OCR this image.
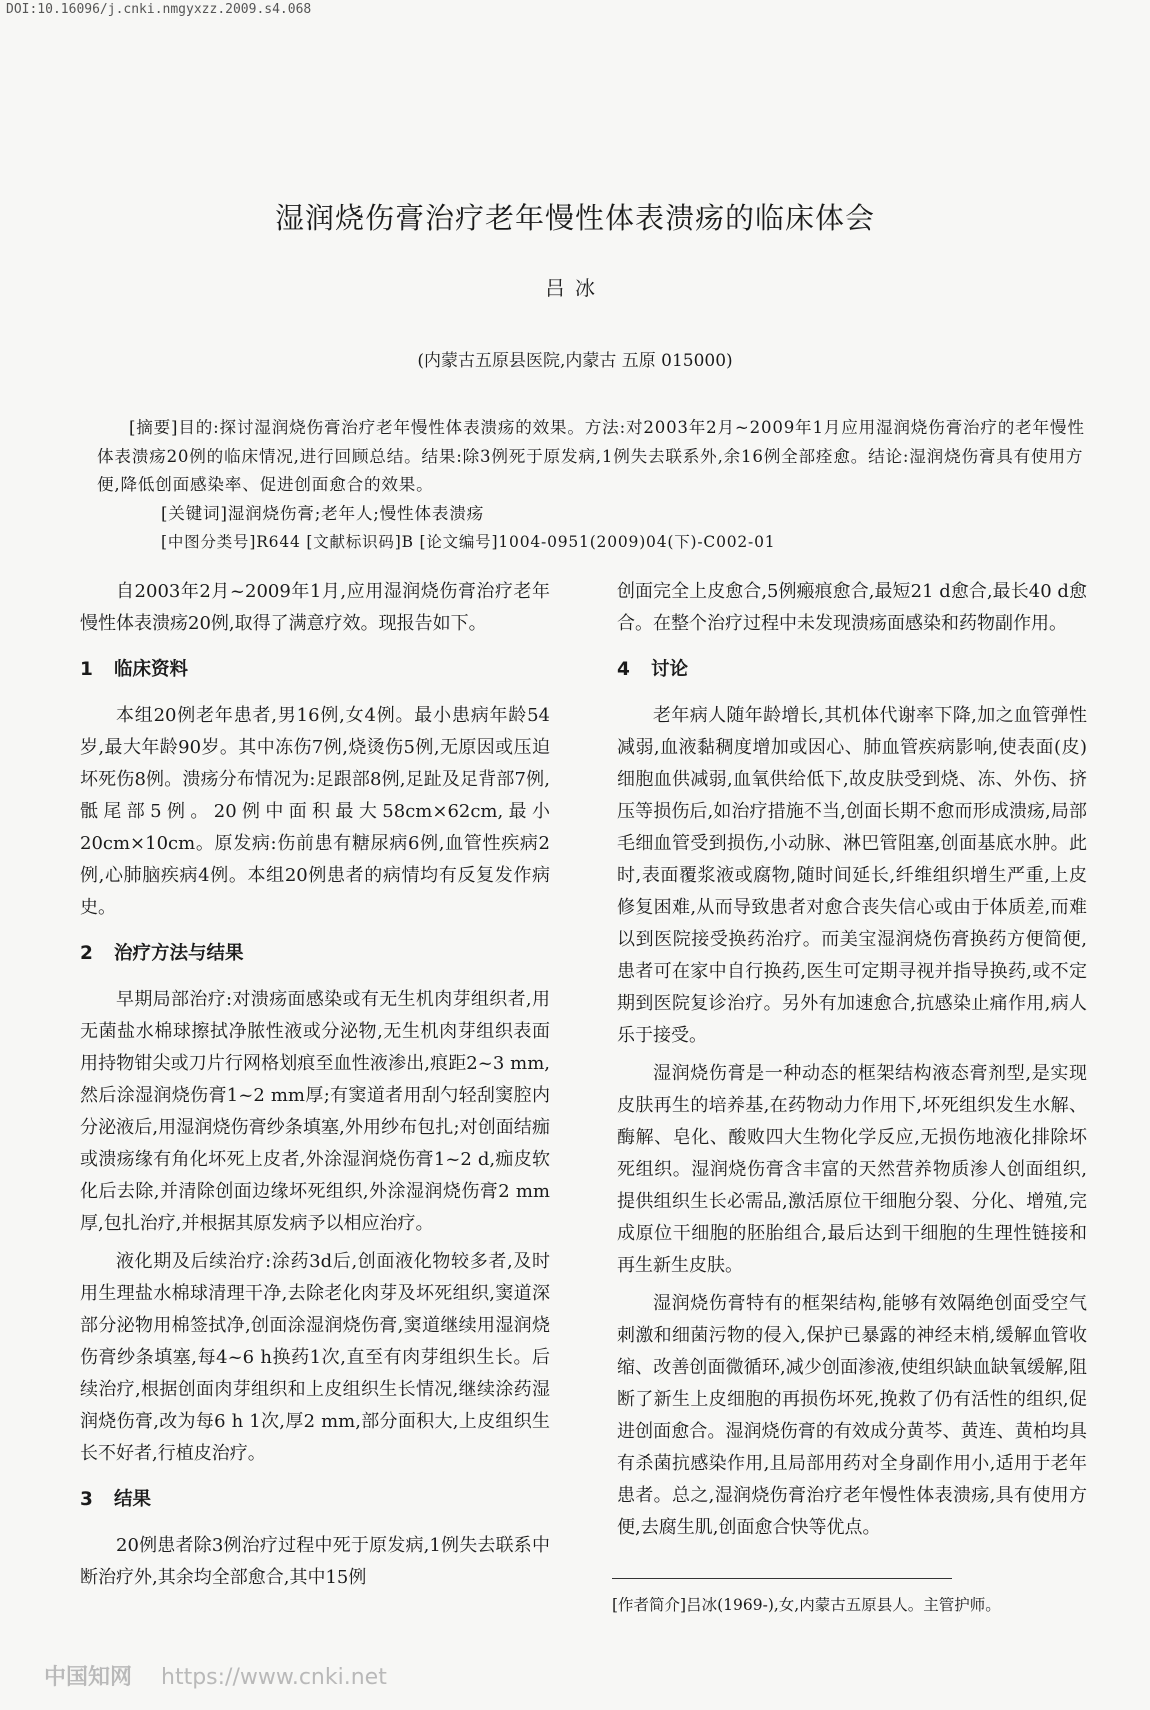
DOI:10.16096/j.cnki.nmgyxzz.2009.s4.068
湿润烧伤膏治疗老年慢性体表溃疡的临床体会
吕冰
(内蒙古五原县医院,内蒙古 五原 015000)

[摘要]目的:探讨湿润烧伤膏治疗老年慢性体表溃疡的效果。方法:对2003年2月~2009年1月应用湿润烧伤膏治疗的老年慢性体表溃疡20例的临床情况,进行回顾总结。结果:除3例死于原发病,1例失去联系外,余16例全部痊愈。结论:湿润烧伤膏具有使用方便,降低创面感染率、促进创面愈合的效果。

[关键词]湿润烧伤膏;老年人;慢性体表溃疡

[中图分类号]R644 [文献标识码]B [论文编号]1004-0951(2009)04(下)-C002-01

自2003年2月~2009年1月,应用湿润烧伤膏治疗老年慢性体表溃疡20例,取得了满意疗效。现报告如下。

1 临床资料

本组20例老年患者,男16例,女4例。最小患病年龄54岁,最大年龄90岁。其中冻伤7例,烧烫伤5例,无原因或压迫坏死伤8例。溃疡分布情况为:足跟部8例,足趾及足背部7例,骶尾部5例。20例中面积最大58cm×62cm,最小20cm×10cm。原发病:伤前患有糖尿病6例,血管性疾病2例,心肺脑疾病4例。本组20例患者的病情均有反复发作病史。

2 治疗方法与结果

早期局部治疗:对溃疡面感染或有无生机肉芽组织者,用无菌盐水棉球擦拭净脓性液或分泌物,无生机肉芽组织表面用持物钳尖或刀片行网格划痕至血性液渗出,痕距2~3 mm,然后涂湿润烧伤膏1~2 mm厚;有窦道者用刮勺轻刮窦腔内分泌液后,用湿润烧伤膏纱条填塞,外用纱布包扎;对创面结痂或溃疡缘有角化坏死上皮者,外涂湿润烧伤膏1~2 d,痂皮软化后去除,并清除创面边缘坏死组织,外涂湿润烧伤膏2 mm厚,包扎治疗,并根据其原发病予以相应治疗。

液化期及后续治疗:涂药3d后,创面液化物较多者,及时用生理盐水棉球清理干净,去除老化肉芽及坏死组织,窦道深部分泌物用棉签拭净,创面涂湿润烧伤膏,窦道继续用湿润烧伤膏纱条填塞,每4~6 h换药1次,直至有肉芽组织生长。后续治疗,根据创面肉芽组织和上皮组织生长情况,继续涂药湿润烧伤膏,改为每6 h 1次,厚2 mm,部分面积大,上皮组织生长不好者,行植皮治疗。

3 结果

20例患者除3例治疗过程中死于原发病,1例失去联系中断治疗外,其余均全部愈合,其中15例

创面完全上皮愈合,5例瘢痕愈合,最短21 d愈合,最长40 d愈合。在整个治疗过程中未发现溃疡面感染和药物副作用。

4 讨论

老年病人随年龄增长,其机体代谢率下降,加之血管弹性减弱,血液黏稠度增加或因心、肺血管疾病影响,使表面(皮)细胞血供减弱,血氧供给低下,故皮肤受到烧、冻、外伤、挤压等损伤后,如治疗措施不当,创面长期不愈而形成溃疡,局部毛细血管受到损伤,小动脉、淋巴管阻塞,创面基底水肿。此时,表面覆浆液或腐物,随时间延长,纤维组织增生严重,上皮修复困难,从而导致患者对愈合丧失信心或由于体质差,而难以到医院接受换药治疗。而美宝湿润烧伤膏换药方便简便,患者可在家中自行换药,医生可定期寻视并指导换药,或不定期到医院复诊治疗。另外有加速愈合,抗感染止痛作用,病人乐于接受。

湿润烧伤膏是一种动态的框架结构液态膏剂型,是实现皮肤再生的培养基,在药物动力作用下,坏死组织发生水解、酶解、皂化、酸败四大生物化学反应,无损伤地液化排除坏死组织。湿润烧伤膏含丰富的天然营养物质渗人创面组织,提供组织生长必需品,激活原位干细胞分裂、分化、增殖,完成原位干细胞的胚胎组合,最后达到干细胞的生理性链接和再生新生皮肤。

湿润烧伤膏特有的框架结构,能够有效隔绝创面受空气刺激和细菌污物的侵入,保护已暴露的神经末梢,缓解血管收缩、改善创面微循环,减少创面渗液,使组织缺血缺氧缓解,阻断了新生上皮细胞的再损伤坏死,挽救了仍有活性的组织,促进创面愈合。湿润烧伤膏的有效成分黄芩、黄连、黄柏均具有杀菌抗感染作用,且局部用药对全身副作用小,适用于老年患者。总之,湿润烧伤膏治疗老年慢性体表溃疡,具有使用方便,去腐生肌,创面愈合快等优点。

[作者简介]吕冰(1969-),女,内蒙古五原县人。主管护师。
中国知网 https://www.cnki.net
